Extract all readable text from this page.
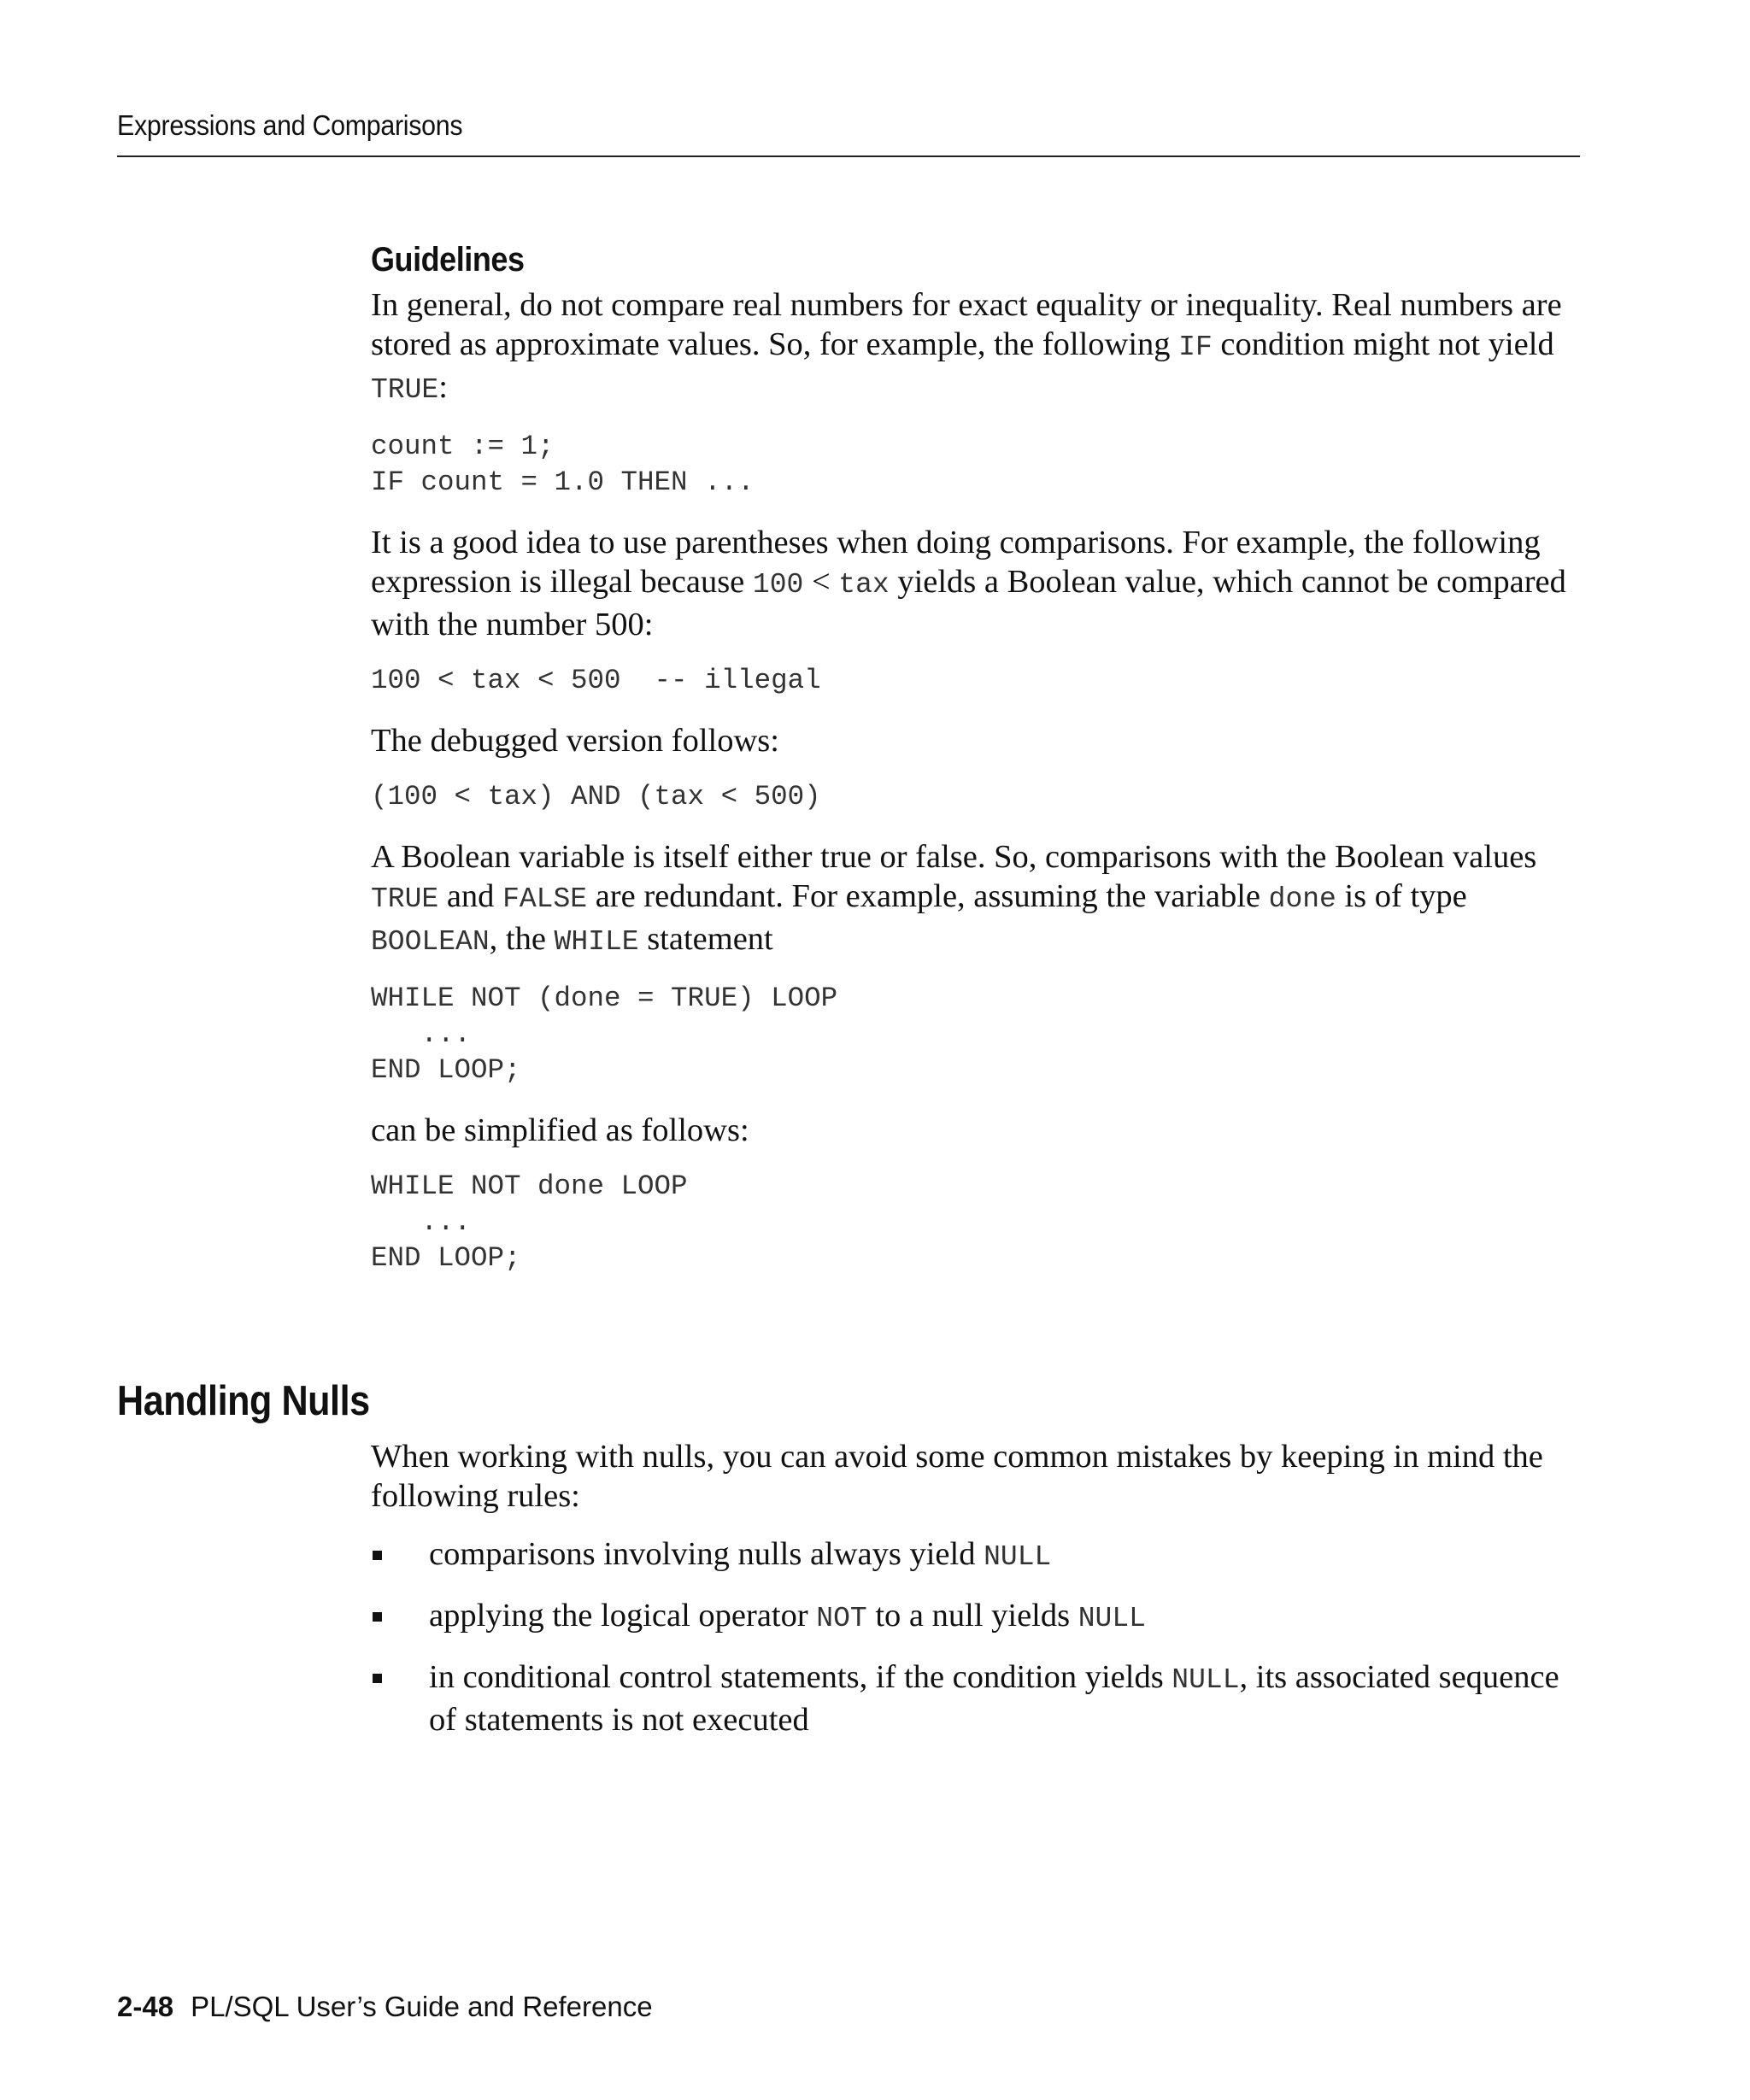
Expressions and Comparisons
Guidelines

In general, do not compare real numbers for exact equality or inequality. Real numbers are stored as approximate values. So, for example, the following IF condition might not yield TRUE:

count := 1;
IF count = 1.0 THEN ...

It is a good idea to use parentheses when doing comparisons. For example, the following expression is illegal because 100 < tax yields a Boolean value, which cannot be compared with the number 500:

100 < tax < 500  -- illegal

The debugged version follows:

(100 < tax) AND (tax < 500)

A Boolean variable is itself either true or false. So, comparisons with the Boolean values TRUE and FALSE are redundant. For example, assuming the variable done is of type BOOLEAN, the WHILE statement

WHILE NOT (done = TRUE) LOOP
...
END LOOP;

can be simplified as follows:

WHILE NOT done LOOP
...
END LOOP;
Handling Nulls

When working with nulls, you can avoid some common mistakes by keeping in mind the following rules:

comparisons involving nulls always yield NULL
applying the logical operator NOT to a null yields NULL
in conditional control statements, if the condition yields NULL, its associated sequence of statements is not executed
2-48 PL/SQL User’s Guide and Reference
